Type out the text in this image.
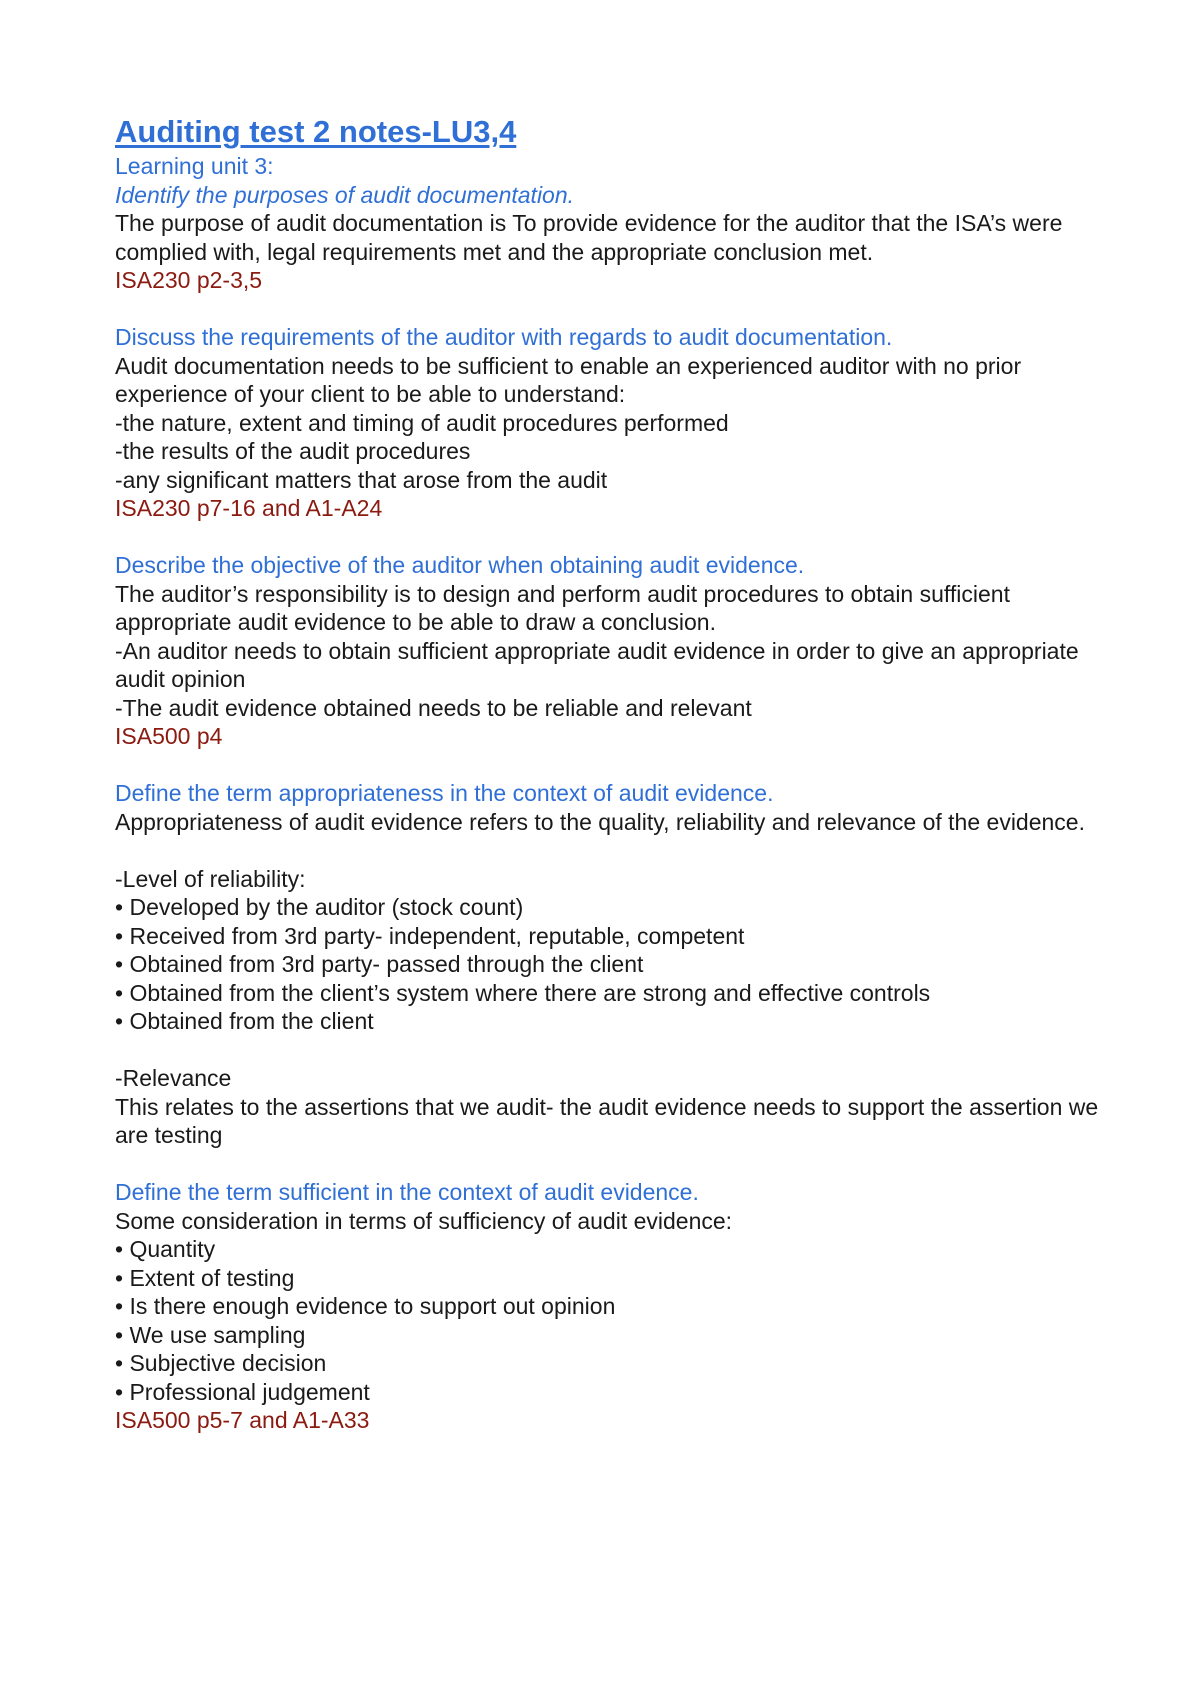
Auditing test 2 notes-LU3,4

Learning unit 3:

Identify the purposes of audit documentation.

The purpose of audit documentation is To provide evidence for the auditor that the ISA’s were complied with, legal requirements met and the appropriate conclusion met.

ISA230 p2-3,5

Discuss the requirements of the auditor with regards to audit documentation.

Audit documentation needs to be sufficient to enable an experienced auditor with no prior experience of your client to be able to understand:

-the nature, extent and timing of audit procedures performed

-the results of the audit procedures

-any significant matters that arose from the audit

ISA230 p7-16 and A1-A24

Describe the objective of the auditor when obtaining audit evidence.

The auditor’s responsibility is to design and perform audit procedures to obtain sufficient appropriate audit evidence to be able to draw a conclusion.

-An auditor needs to obtain sufficient appropriate audit evidence in order to give an appropriate audit opinion

-The audit evidence obtained needs to be reliable and relevant

ISA500 p4

Define the term appropriateness in the context of audit evidence.

Appropriateness of audit evidence refers to the quality, reliability and relevance of the evidence.

-Level of reliability:

• Developed by the auditor (stock count)
• Received from 3rd party- independent, reputable, competent
• Obtained from 3rd party- passed through the client
• Obtained from the client’s system where there are strong and effective controls
• Obtained from the client

-Relevance

This relates to the assertions that we audit- the audit evidence needs to support the assertion we are testing

Define the term sufficient in the context of audit evidence.

Some consideration in terms of sufficiency of audit evidence:

• Quantity
• Extent of testing
• Is there enough evidence to support out opinion
• We use sampling
• Subjective decision
• Professional judgement

ISA500 p5-7 and A1-A33
